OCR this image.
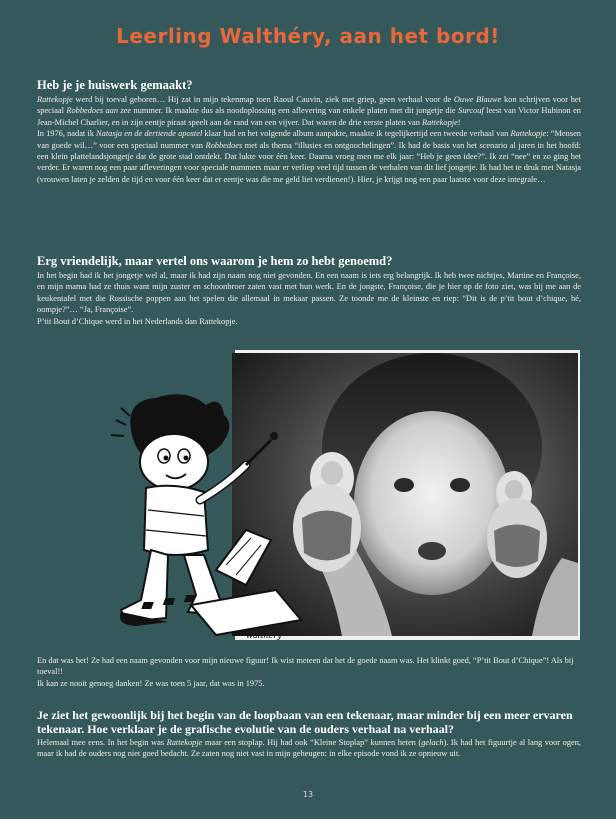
Leerling Walthéry, aan het bord!
Heb je je huiswerk gemaakt?

Rattekopje werd bij toeval geboren… Hij zat in mijn tekenmap toen Raoul Cauvin, ziek met griep, geen verhaal voor de Ouwe Blauwe kon schrijven voor het speciaal Robbedoes aan zee nummer. Ik maakte dus als noodoplossing een aflevering van enkele platen met dit jongetje die Surcouf leest van Victor Hubinon en Jean-Michel Charlier, en in zijn eentje piraat speelt aan de rand van een vijver. Dat waren de drie eerste platen van Rattekopje!

In 1976, nadat ik Natasja en de dertiende apostel klaar had en het volgende album aanpakte, maakte ik tegelijkertijd een tweede verhaal van Rattekopje: “Mensen van goede wil…” voor een speciaal nummer van Robbedoes met als thema “illusies en ontgoochelingen”. Ik had de basis van het scenario al jaren in het hoofd: een klein plattelandsjongetje dat de grote stad ontdekt. Dat lukte voor één keer. Daarna vroeg men me elk jaar: “Heb je geen idee?”. Ik zei “nee” en zo ging het verder. Er waren nog een paar afleveringen voor speciale nummers maar er verliep veel tijd tussen de verhalen van dit lief jongetje. Ik had het te druk met Natasja (vrouwen laten je zelden de tijd en voor één keer dat er eentje was die me geld liet verdienen!). Hier, je krijgt nog een paar laatste voor deze integrale…

Erg vriendelijk, maar vertel ons waarom je hem zo hebt genoemd?

In het begin had ik het jongetje wel al, maar ik had zijn naam nog niet gevonden. En een naam is iets erg belangrijk. Ik heb twee nichtjes, Martine en Françoise, en mijn mama had ze thuis want mijn zuster en schoonbroer zaten vast met hun werk. En de jongste, Françoise, die je hier op de foto ziet, was bij me aan de keukentafel met die Russische poppen aan het spelen die allemaal in mekaar passen. Ze toonde me de kleinste en riep: “Dit is de p’tit bout d’chique, hé, oompje?”… “Ja, Françoise”.

P’tit Bout d’Chique werd in het Nederlands dan Rattekopje.

walthery

En dat was het! Ze had een naam gevonden voor mijn nieuwe figuur! Ik wist meteen dat het de goede naam was. Het klinkt goed, “P’tit Bout d’Chique”! Als bij toeval!!

Ik kan ze nooit genoeg danken! Ze was toen 5 jaar, dat was in 1975.

Je ziet het gewoonlijk bij het begin van de loopbaan van een tekenaar, maar minder bij een meer ervaren tekenaar. Hoe verklaar je de grafische evolutie van de ouders verhaal na verhaal?

Helemaal mee eens. In het begin was Rattekopje maar een stoplap. Hij had ook “Kleine Stoplap” kunnen heten (gelach). Ik had het figuurtje al lang voor ogen, maar ik had de ouders nog niet goed bedacht. Ze zaten nog niet vast in mijn geheugen: in elke episode vond ik ze opnieuw uit.

13
